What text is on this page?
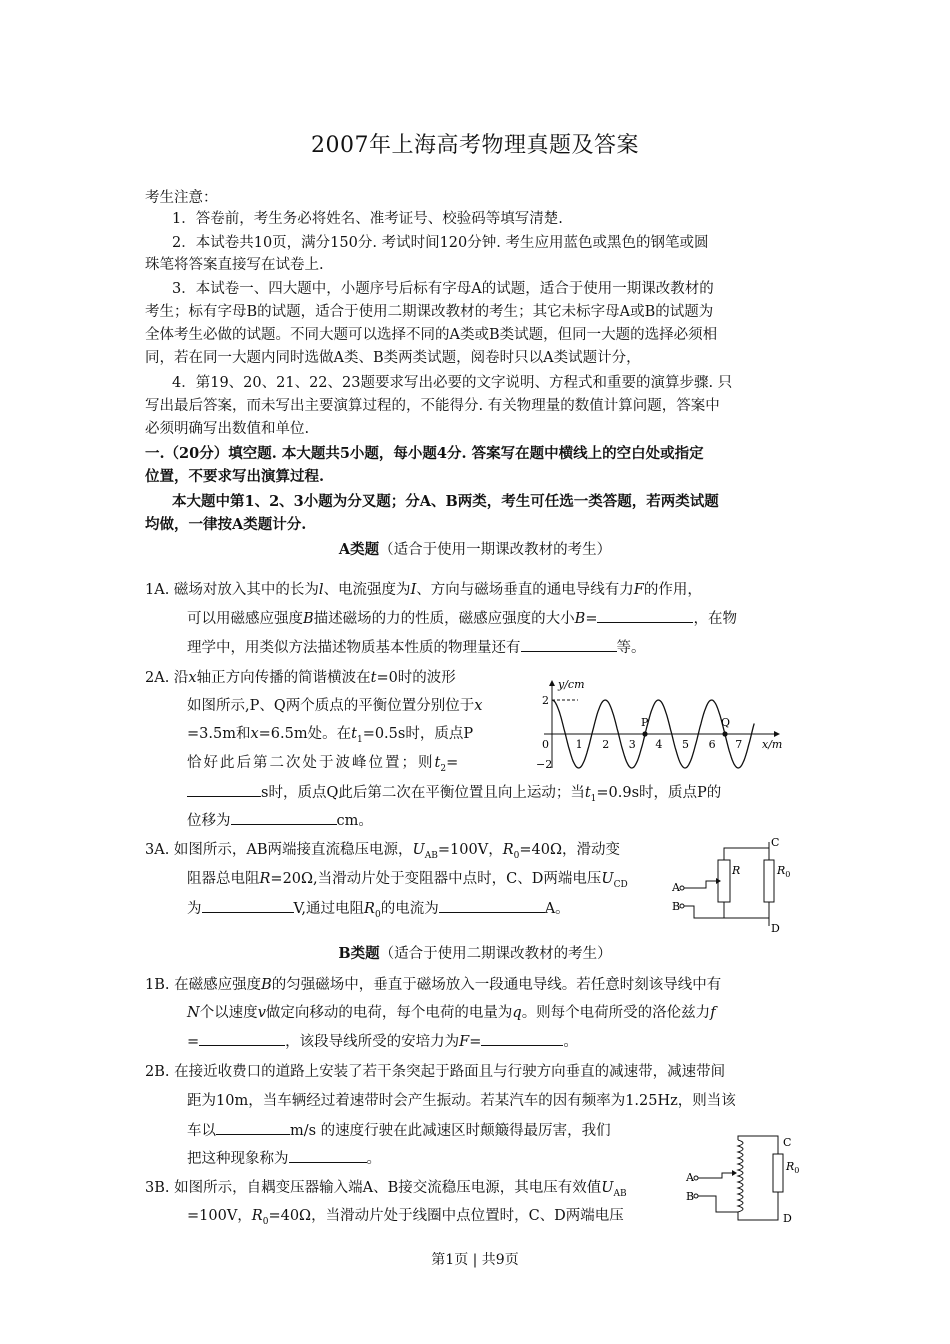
2007年上海高考物理真题及答案
考生注意：
1．答卷前，考生务必将姓名、准考证号、校验码等填写清楚.
2．本试卷共10页，满分150分. 考试时间120分钟. 考生应用蓝色或黑色的钢笔或圆
珠笔将答案直接写在试卷上.
3．本试卷一、四大题中，小题序号后标有字母A的试题，适合于使用一期课改教材的
考生；标有字母B的试题，适合于使用二期课改教材的考生；其它未标字母A或B的试题为
全体考生必做的试题。不同大题可以选择不同的A类或B类试题，但同一大题的选择必须相
同，若在同一大题内同时选做A类、B类两类试题，阅卷时只以A类试题计分，
4．第19、20、21、22、23题要求写出必要的文字说明、方程式和重要的演算步骤. 只
写出最后答案，而未写出主要演算过程的，不能得分. 有关物理量的数值计算问题，答案中
必须明确写出数值和单位.
一.（20分）填空题. 本大题共5小题，每小题4分. 答案写在题中横线上的空白处或指定
位置，不要求写出演算过程.
本大题中第1、2、3小题为分叉题；分A、B两类，考生可任选一类答题，若两类试题
均做，一律按A类题计分.
A类题（适合于使用一期课改教材的考生）
1A. 磁场对放入其中的长为l、电流强度为I、方向与磁场垂直的通电导线有力F的作用，
可以用磁感应强度B描述磁场的力的性质，磁感应强度的大小B=	，在物
理学中，用类似方法描述物质基本性质的物理量还有	等。
2A. 沿x轴正方向传播的简谐横波在t=0时的波形
如图所示,P、Q两个质点的平衡位置分别位于x
=3.5m和x=6.5m处。在$t_1=0.5s$时，质点P
恰好此后第二次处于波峰位置；则$t_2=$
s时，质点Q此后第二次在平衡位置且向上运动；当$t_1=0.9s$时，质点P的
位移为	cm。
y/cm
x/m
2
−2
0 1 2 3 4 5 6 7
P	Q
3A. 如图所示，AB两端接直流稳压电源，$U_{AB}=100V$，$R_0=40\Omega$，滑动变
阻器总电阻R=20Ω,当滑动片处于变阻器中点时，C、D两端电压$U_{CD}$
为	V,通过电阻$R_0$的电流为	A。
A
B
C
D
R	$R_0$
B类题（适合于使用二期课改教材的考生）
1B. 在磁感应强度B的匀强磁场中，垂直于磁场放入一段通电导线。若任意时刻该导线中有
N个以速度v做定向移动的电荷，每个电荷的电量为q。则每个电荷所受的洛伦兹力f
=	，该段导线所受的安培力为F=	。
2B. 在接近收费口的道路上安装了若干条突起于路面且与行驶方向垂直的减速带，减速带间
距为10m，当车辆经过着速带时会产生振动。若某汽车的因有频率为1.25Hz，则当该
车以	m/s 的速度行驶在此减速区时颠簸得最厉害，我们
把这种现象称为	。
3B. 如图所示，自耦变压器输入端A、B接交流稳压电源，其电压有效值$U_{AB}$
=100V，$R_0=40\Omega$，当滑动片处于线圈中点位置时，C、D两端电压
A
B
C
D
$R_0$
第1页 | 共9页
